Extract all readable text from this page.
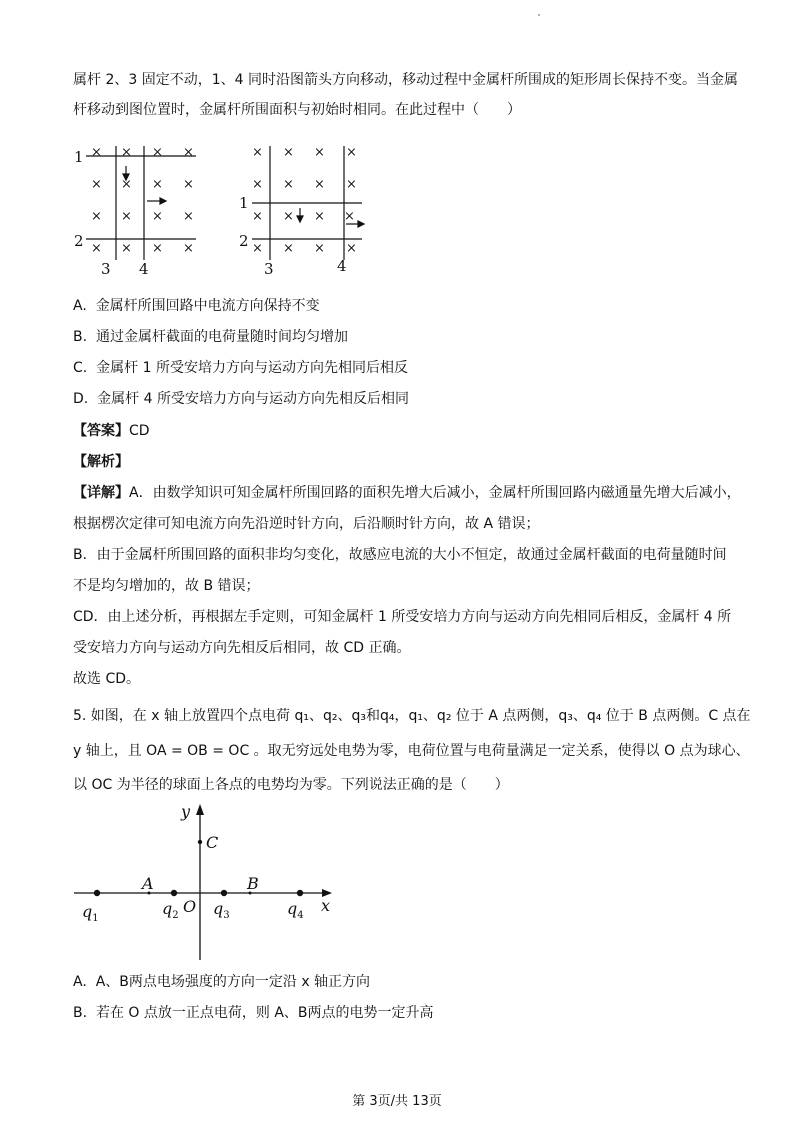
属杆 2、3 固定不动，1、4 同时沿图箭头方向移动，移动过程中金属杆所围成的矩形周长保持不变。当金属
杆移动到图位置时，金属杆所围面积与初始时相同。在此过程中（　　）
× × × ×
× × × ×
× × × ×
× × × ×
1
2
3 4
× × × ×
× × × ×
× × × ×
× × × ×
1
2
3	4
A. 金属杆所围回路中电流方向保持不变
B. 通过金属杆截面的电荷量随时间均匀增加
C. 金属杆 1 所受安培力方向与运动方向先相同后相反
D. 金属杆 4 所受安培力方向与运动方向先相反后相同
【答案】CD
【解析】
【详解】A．由数学知识可知金属杆所围回路的面积先增大后减小，金属杆所围回路内磁通量先增大后减小，
根据楞次定律可知电流方向先沿逆时针方向，后沿顺时针方向，故 A 错误；
B．由于金属杆所围回路的面积非均匀变化，故感应电流的大小不恒定，故通过金属杆截面的电荷量随时间
不是均匀增加的，故 B 错误；
CD．由上述分析，再根据左手定则，可知金属杆 1 所受安培力方向与运动方向先相同后相反，金属杆 4 所
受安培力方向与运动方向先相反后相同，故 CD 正确。
故选 CD。
5. 如图，在 x 轴上放置四个点电荷 q₁、q₂、q₃和q₄，q₁、q₂ 位于 A 点两侧，q₃、q₄ 位于 B 点两侧。C 点在
y 轴上，且 OA = OB = OC 。取无穷远处电势为零，电荷位置与电荷量满足一定关系，使得以 O 点为球心、
以 OC 为半径的球面上各点的电势均为零。下列说法正确的是（　　）
y
x
C
A	B
O
$q_1$
$q_2$ $q_3$	$q_4$
A. A、B两点电场强度的方向一定沿 x 轴正方向
B. 若在 O 点放一正点电荷，则 A、B两点的电势一定升高
第 3页/共 13页
